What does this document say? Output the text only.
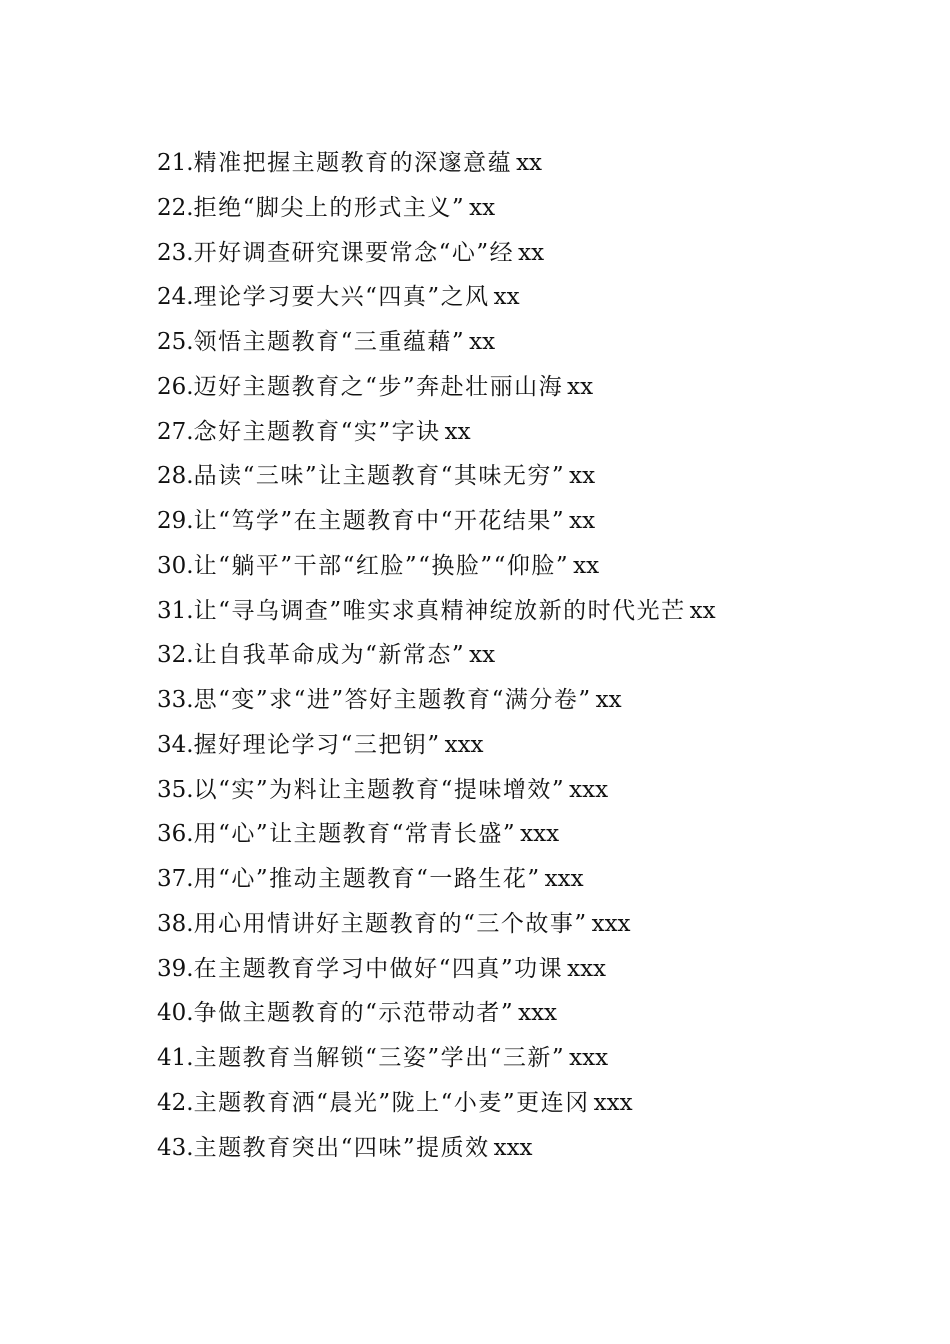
21.精准把握主题教育的深邃意蕴 xx
22.拒绝“脚尖上的形式主义” xx
23.开好调查研究课要常念“心”经 xx
24.理论学习要大兴“四真”之风 xx
25.领悟主题教育“三重蕴藉” xx
26.迈好主题教育之“步”奔赴壮丽山海 xx
27.念好主题教育“实”字诀 xx
28.品读“三味”让主题教育“其味无穷” xx
29.让“笃学”在主题教育中“开花结果” xx
30.让“躺平”干部“红脸”“换脸”“仰脸” xx
31.让“寻乌调查”唯实求真精神绽放新的时代光芒 xx
32.让自我革命成为“新常态” xx
33.思“变”求“进”答好主题教育“满分卷” xx
34.握好理论学习“三把钥” xxx
35.以“实”为料让主题教育“提味增效” xxx
36.用“心”让主题教育“常青长盛” xxx
37.用“心”推动主题教育“一路生花” xxx
38.用心用情讲好主题教育的“三个故事” xxx
39.在主题教育学习中做好“四真”功课 xxx
40.争做主题教育的“示范带动者” xxx
41.主题教育当解锁“三姿”学出“三新” xxx
42.主题教育洒“晨光”陇上“小麦”更连冈 xxx
43.主题教育突出“四味”提质效 xxx
